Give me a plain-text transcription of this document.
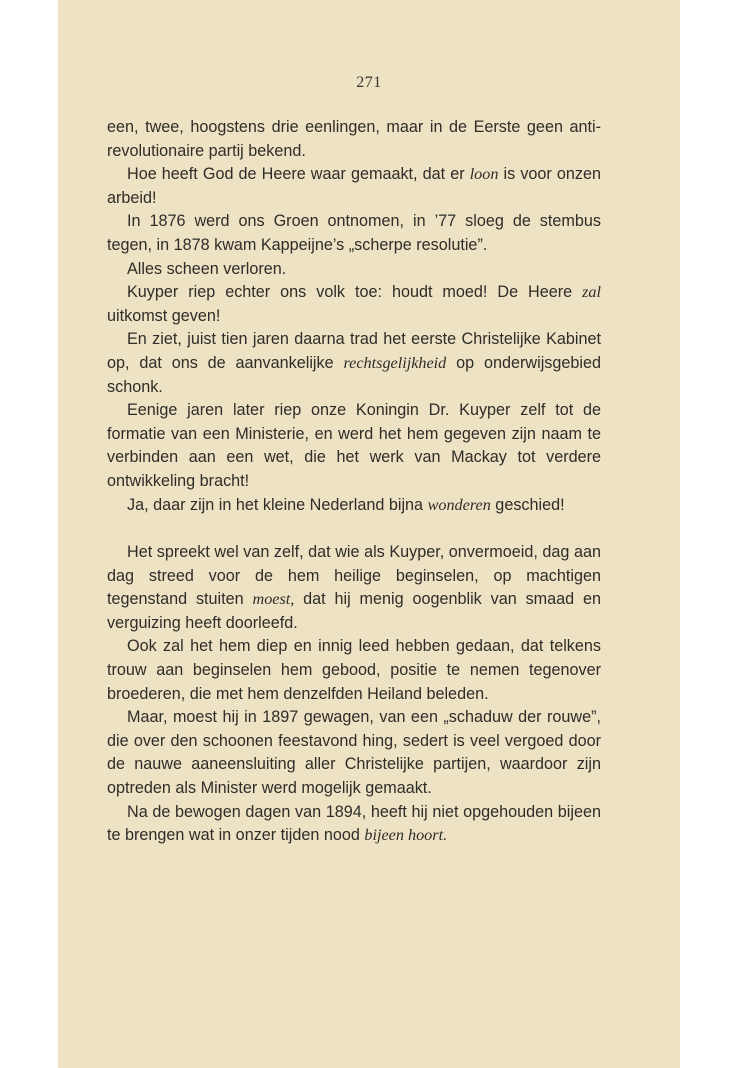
271

een, twee, hoogstens drie eenlingen, maar in de Eerste geen anti-revolutionaire partij bekend.

Hoe heeft God de Heere waar gemaakt, dat er loon is voor onzen arbeid!

In 1876 werd ons Groen ontnomen, in ’77 sloeg de stembus tegen, in 1878 kwam Kappeijne’s „scherpe resolutie”.

Alles scheen verloren.

Kuyper riep echter ons volk toe: houdt moed! De Heere zal uitkomst geven!

En ziet, juist tien jaren daarna trad het eerste Christelijke Kabinet op, dat ons de aanvankelijke rechtsgelijkheid op onderwijsgebied schonk.

Eenige jaren later riep onze Koningin Dr. Kuyper zelf tot de formatie van een Ministerie, en werd het hem gegeven zijn naam te verbinden aan een wet, die het werk van Mackay tot verdere ontwikkeling bracht!

Ja, daar zijn in het kleine Nederland bijna wonderen geschied!

Het spreekt wel van zelf, dat wie als Kuyper, onvermoeid, dag aan dag streed voor de hem heilige beginselen, op machtigen tegenstand stuiten moest, dat hij menig oogenblik van smaad en verguizing heeft doorleefd.

Ook zal het hem diep en innig leed hebben gedaan, dat telkens trouw aan beginselen hem gebood, positie te nemen tegenover broederen, die met hem denzelfden Heiland beleden.

Maar, moest hij in 1897 gewagen, van een „schaduw der rouwe”, die over den schoonen feestavond hing, sedert is veel vergoed door de nauwe aaneensluiting aller Christelijke partijen, waardoor zijn optreden als Minister werd mogelijk gemaakt.

Na de bewogen dagen van 1894, heeft hij niet opgehouden bijeen te brengen wat in onzer tijden nood bijeen hoort.
